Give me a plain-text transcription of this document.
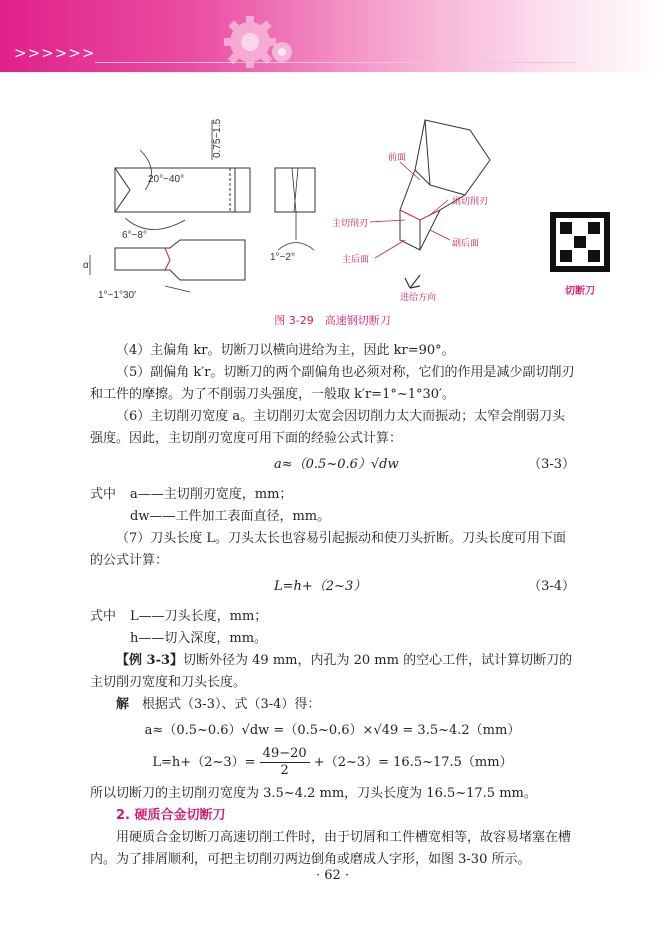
>>>>>>
20°~40°
0.75~1.5
6°~8°
1°~2°
1°~1°30′
α
前面
副切削刃
主切削刃
副后面
主后面
进给方向	切断刀
图 3-29　高速钢切断刀

（4）主偏角 kr。切断刀以横向进给为主，因此 kr=90°。

（5）副偏角 k′r。切断刀的两个副偏角也必须对称，它们的作用是减少副切削刃和工件的摩擦。为了不削弱刀头强度，一般取 k′r=1°~1°30′。

（6）主切削刃宽度 a。主切削刃太宽会因切削力太大而振动；太窄会削弱刀头强度。因此，主切削刃宽度可用下面的经验公式计算：

a≈（0.5~0.6）√dw	（3-3）

式中 a——主切削刃宽度，mm；

dw——工件加工表面直径，mm。

（7）刀头长度 L。刀头太长也容易引起振动和使刀头折断。刀头长度可用下面的公式计算：

L=h+（2~3）	（3-4）

式中 L——刀头长度，mm；

h——切入深度，mm。

【例 3-3】切断外径为 49 mm，内孔为 20 mm 的空心工件，试计算切断刀的主切削刃宽度和刀头长度。

解　 根据式（3-3）、式（3-4）得：

a≈（0.5~0.6）√dw =（0.5~0.6）×√49 = 3.5~4.2（mm）
L=h+（2~3）= $\frac{49-20}{2}$ +（2~3）= 16.5~17.5（mm）

所以切断刀的主切削刃宽度为 3.5~4.2 mm，刀头长度为 16.5~17.5 mm。

2. 硬质合金切断刀

用硬质合金切断刀高速切削工件时，由于切屑和工件槽宽相等，故容易堵塞在槽内。为了排屑顺利，可把主切削刃两边倒角或磨成人字形，如图 3-30 所示。

· 62 ·
